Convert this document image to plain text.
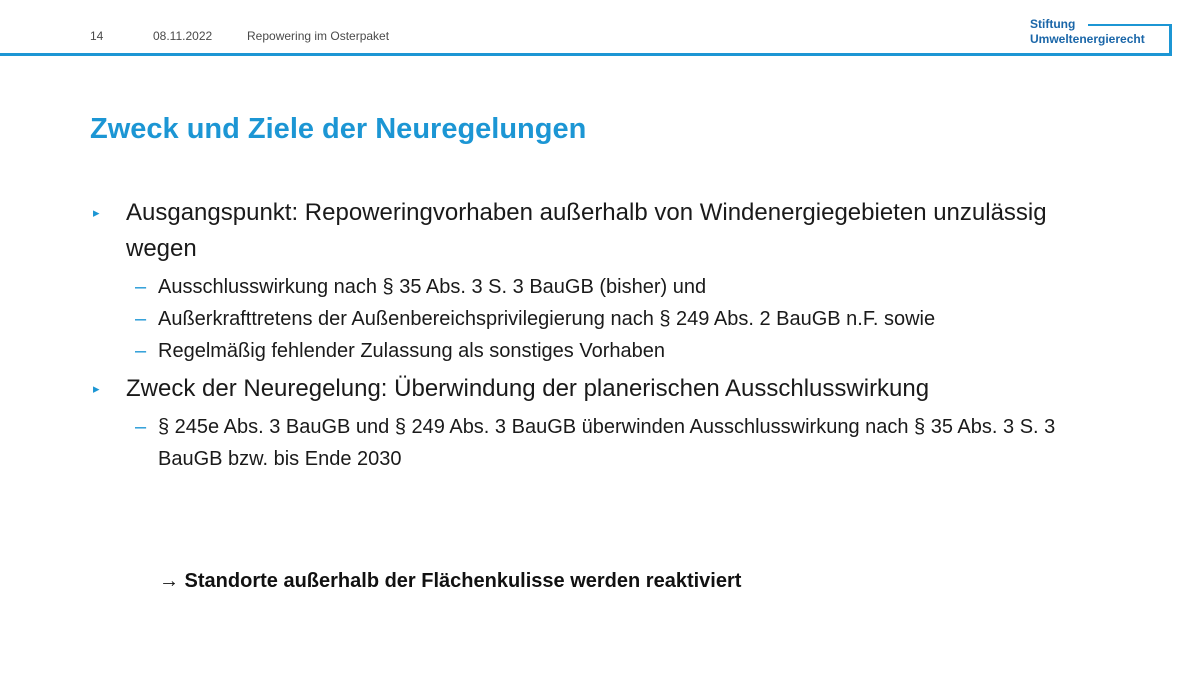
14	08.11.2022	Repowering im Osterpaket
Stiftung
Umweltenergierecht
Zweck und Ziele der Neuregelungen
▸ Ausgangspunkt: Repoweringvorhaben außerhalb von Windenergiegebieten unzulässig wegen
– Ausschlusswirkung nach § 35 Abs. 3 S. 3 BauGB (bisher) und
– Außerkrafttretens der Außenbereichsprivilegierung nach § 249 Abs. 2 BauGB n.F. sowie
– Regelmäßig fehlender Zulassung als sonstiges Vorhaben
▸ Zweck der Neuregelung: Überwindung der planerischen Ausschlusswirkung
– § 245e Abs. 3 BauGB und § 249 Abs. 3 BauGB überwinden Ausschlusswirkung nach § 35 Abs. 3 S. 3 BauGB bzw. bis Ende 2030
→ Standorte außerhalb der Flächenkulisse werden reaktiviert
